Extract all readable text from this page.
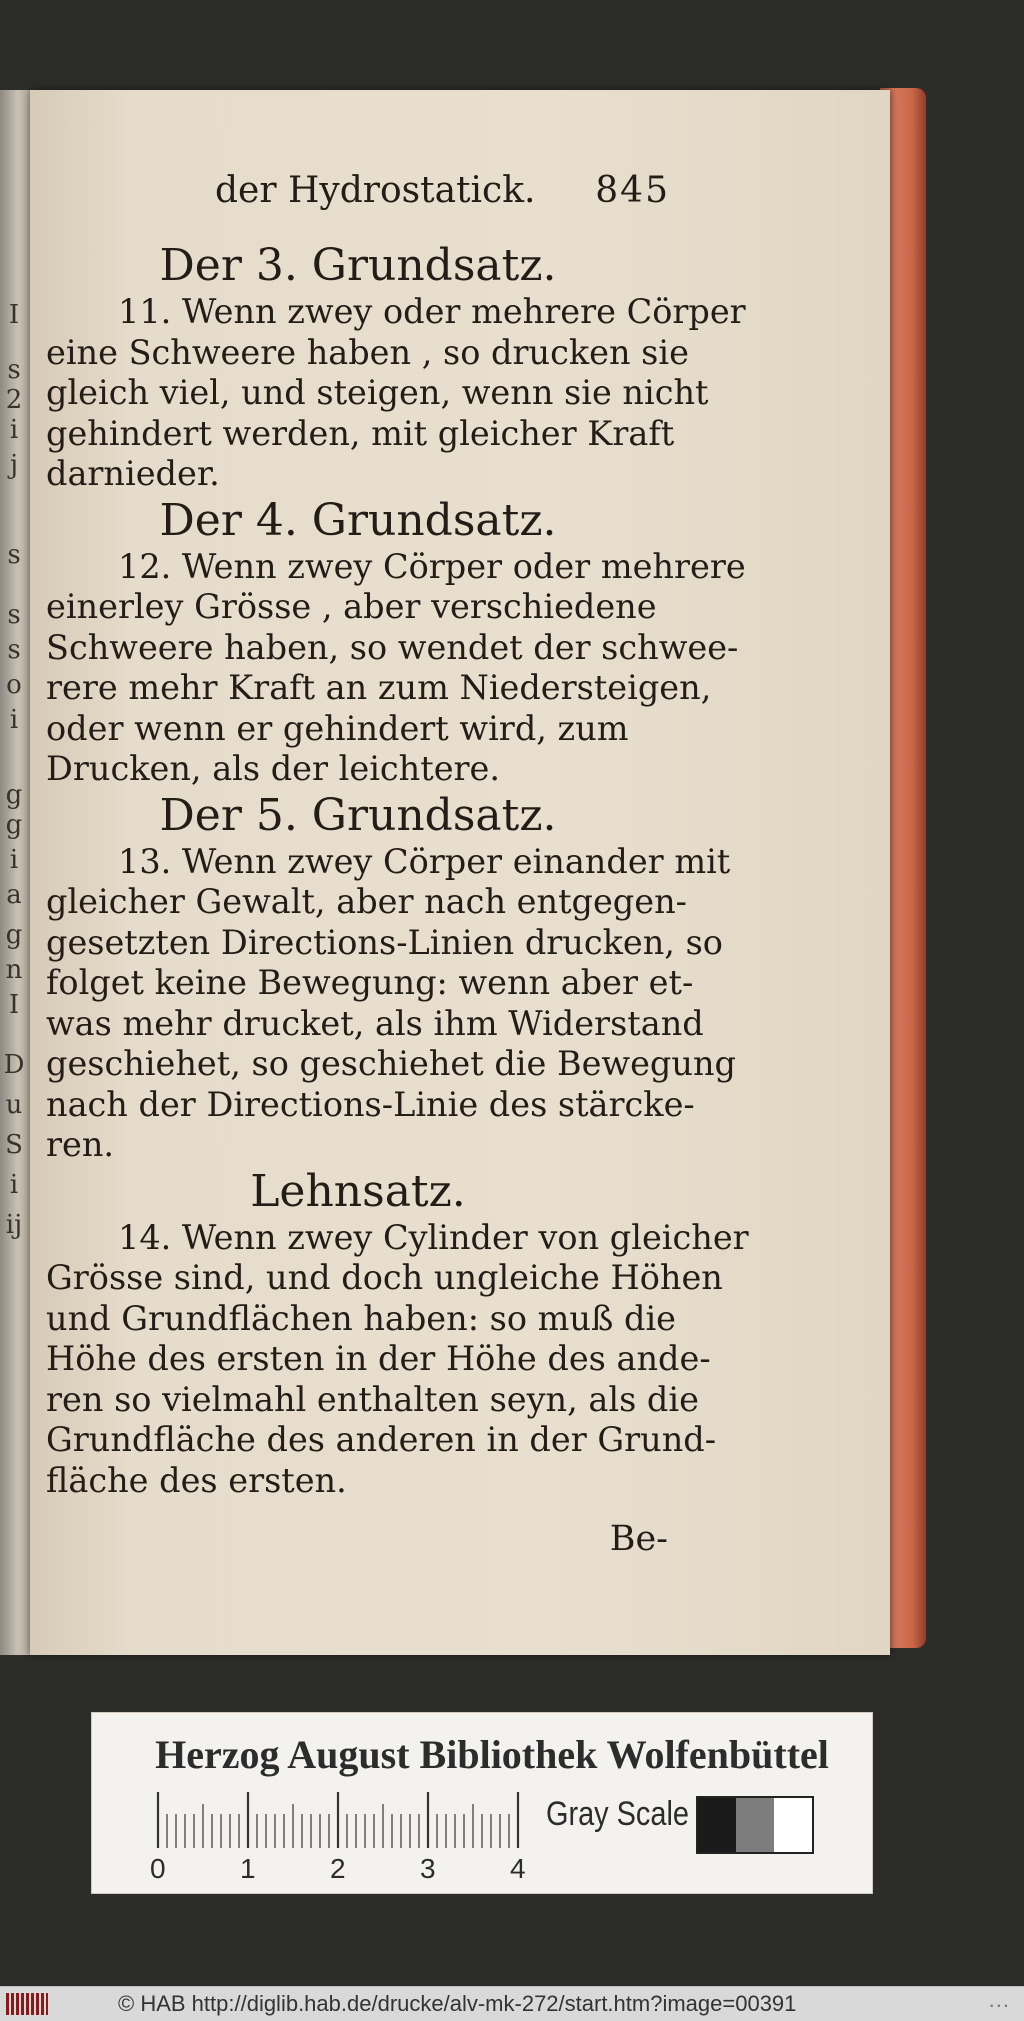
I
s
2
i
j
s
s
s
o
i
g
g
i
a
g
n
I
D
u
S
i
ij
der Hydrostatick. 845
Der 3. Grundsatz.
11. Wenn zwey oder mehrere Cörper
eine Schweere haben , so drucken sie
gleich viel, und steigen, wenn sie nicht
gehindert werden, mit gleicher Kraft
darnieder.
Der 4. Grundsatz.
12. Wenn zwey Cörper oder mehrere
einerley Grösse , aber verschiedene
Schweere haben, so wendet der schwee-
rere mehr Kraft an zum Niedersteigen,
oder wenn er gehindert wird, zum
Drucken, als der leichtere.
Der 5. Grundsatz.
13. Wenn zwey Cörper einander mit
gleicher Gewalt, aber nach entgegen-
gesetzten Directions-Linien drucken, so
folget keine Bewegung: wenn aber et-
was mehr drucket, als ihm Widerstand
geschiehet, so geschiehet die Bewegung
nach der Directions-Linie des stärcke-
ren.
Lehnsatz.
14. Wenn zwey Cylinder von gleicher
Grösse sind, und doch ungleiche Höhen
und Grundflächen haben: so muß die
Höhe des ersten in der Höhe des ande-
ren so vielmahl enthalten seyn, als die
Grundfläche des anderen in der Grund-
fläche des ersten.
Be-
Herzog August Bibliothek Wolfenbüttel
Gray Scale
0	1	2	3	4
© HAB http://diglib.hab.de/drucke/alv-mk-272/start.htm?image=00391	...
